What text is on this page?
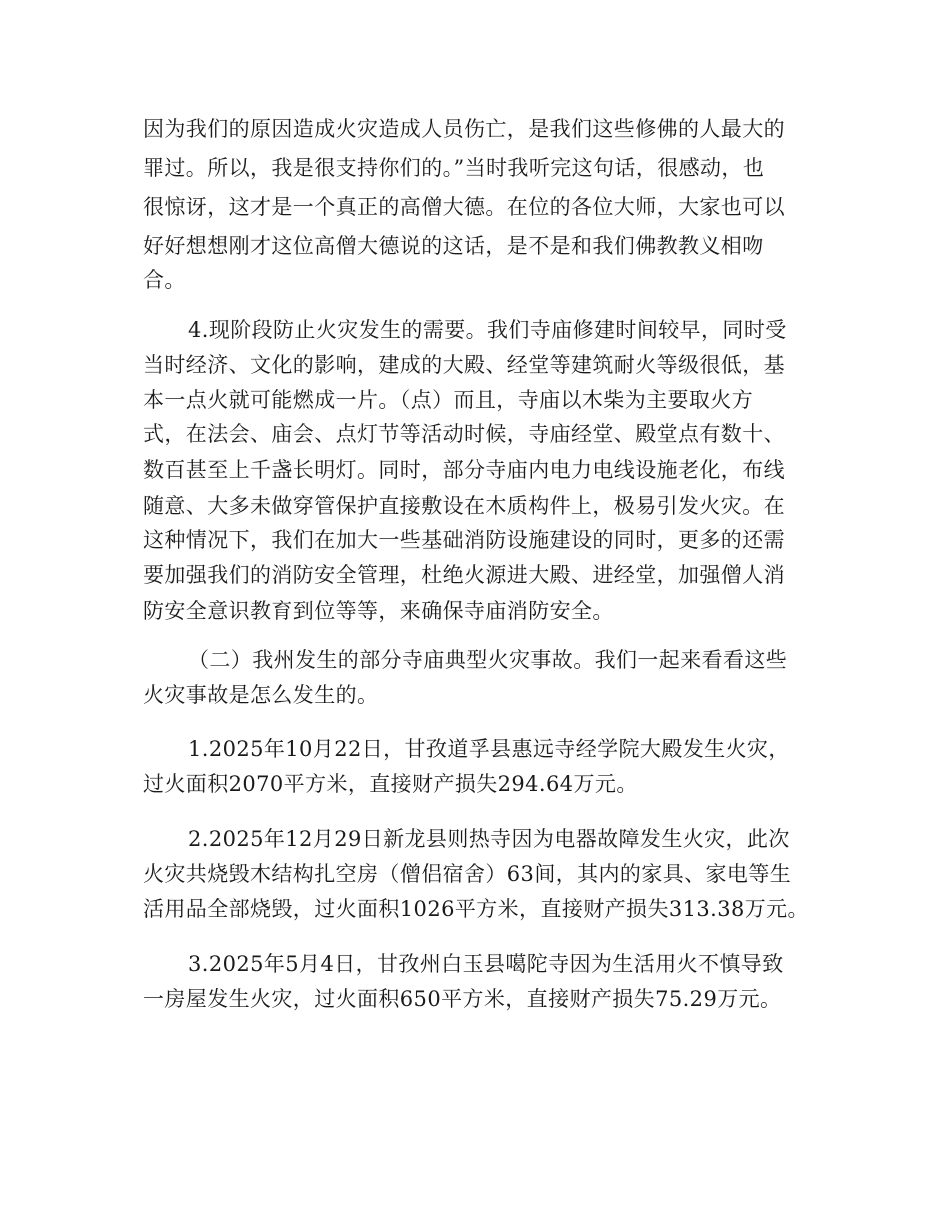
因为我们的原因造成火灾造成人员伤亡，是我们这些修佛的人最大的
罪过。所以，我是很支持你们的。”当时我听完这句话，很感动，也
很惊讶，这才是一个真正的高僧大德。在位的各位大师，大家也可以
好好想想刚才这位高僧大德说的这话，是不是和我们佛教教义相吻
合。
4.现阶段防止火灾发生的需要。我们寺庙修建时间较早，同时受
当时经济、文化的影响，建成的大殿、经堂等建筑耐火等级很低，基
本一点火就可能燃成一片。（点）而且，寺庙以木柴为主要取火方
式，在法会、庙会、点灯节等活动时候，寺庙经堂、殿堂点有数十、
数百甚至上千盏长明灯。同时，部分寺庙内电力电线设施老化，布线
随意、大多未做穿管保护直接敷设在木质构件上，极易引发火灾。在
这种情况下，我们在加大一些基础消防设施建设的同时，更多的还需
要加强我们的消防安全管理，杜绝火源进大殿、进经堂，加强僧人消
防安全意识教育到位等等，来确保寺庙消防安全。
（二）我州发生的部分寺庙典型火灾事故。我们一起来看看这些
火灾事故是怎么发生的。
1.2025年10月22日，甘孜道孚县惠远寺经学院大殿发生火灾，
过火面积2070平方米，直接财产损失294.64万元。
2.2025年12月29日新龙县则热寺因为电器故障发生火灾，此次
火灾共烧毁木结构扎空房（僧侣宿舍）63间，其内的家具、家电等生
活用品全部烧毁，过火面积1026平方米，直接财产损失313.38万元。
3.2025年5月4日，甘孜州白玉县噶陀寺因为生活用火不慎导致
一房屋发生火灾，过火面积650平方米，直接财产损失75.29万元。
